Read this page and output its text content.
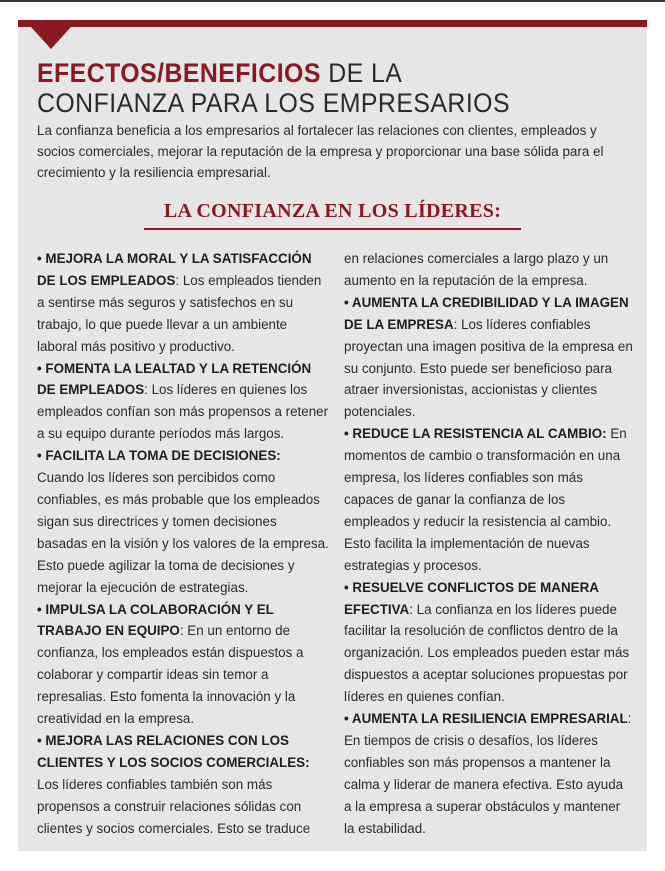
EFECTOS/BENEFICIOS DE LA
CONFIANZA PARA LOS EMPRESARIOS
La confianza beneficia a los empresarios al fortalecer las relaciones con clientes, empleados y socios comerciales, mejorar la reputación de la empresa y proporcionar una base sólida para el crecimiento y la resiliencia empresarial.
LA CONFIANZA EN LOS LÍDERES:

• MEJORA LA MORAL Y LA SATISFACCIÓN DE LOS EMPLEADOS: Los empleados tienden a sentirse más seguros y satisfechos en su trabajo, lo que puede llevar a un ambiente laboral más positivo y productivo.

• FOMENTA LA LEALTAD Y LA RETENCIÓN DE EMPLEADOS: Los líderes en quienes los empleados confían son más propensos a retener a su equipo durante períodos más largos.

• FACILITA LA TOMA DE DECISIONES: Cuando los líderes son percibidos como confiables, es más probable que los empleados sigan sus directrices y tomen decisiones basadas en la visión y los valores de la empresa. Esto puede agilizar la toma de decisiones y mejorar la ejecución de estrategias.

• IMPULSA LA COLABORACIÓN Y EL TRABAJO EN EQUIPO: En un entorno de confianza, los empleados están dispuestos a colaborar y compartir ideas sin temor a represalias. Esto fomenta la innovación y la creatividad en la empresa.

• MEJORA LAS RELACIONES CON LOS CLIENTES Y LOS SOCIOS COMERCIALES: Los líderes confiables también son más propensos a construir relaciones sólidas con clientes y socios comerciales. Esto se traduce

en relaciones comerciales a largo plazo y un aumento en la reputación de la empresa.

• AUMENTA LA CREDIBILIDAD Y LA IMAGEN DE LA EMPRESA: Los líderes confiables proyectan una imagen positiva de la empresa en su conjunto. Esto puede ser beneficioso para atraer inversionistas, accionistas y clientes potenciales.

• REDUCE LA RESISTENCIA AL CAMBIO: En momentos de cambio o transformación en una empresa, los líderes confiables son más capaces de ganar la confianza de los empleados y reducir la resistencia al cambio. Esto facilita la implementación de nuevas estrategias y procesos.

• RESUELVE CONFLICTOS DE MANERA EFECTIVA: La confianza en los líderes puede facilitar la resolución de conflictos dentro de la organización. Los empleados pueden estar más dispuestos a aceptar soluciones propuestas por líderes en quienes confían.

• AUMENTA LA RESILIENCIA EMPRESARIAL: En tiempos de crisis o desafíos, los líderes confiables son más propensos a mantener la calma y liderar de manera efectiva. Esto ayuda a la empresa a superar obstáculos y mantener la estabilidad.
